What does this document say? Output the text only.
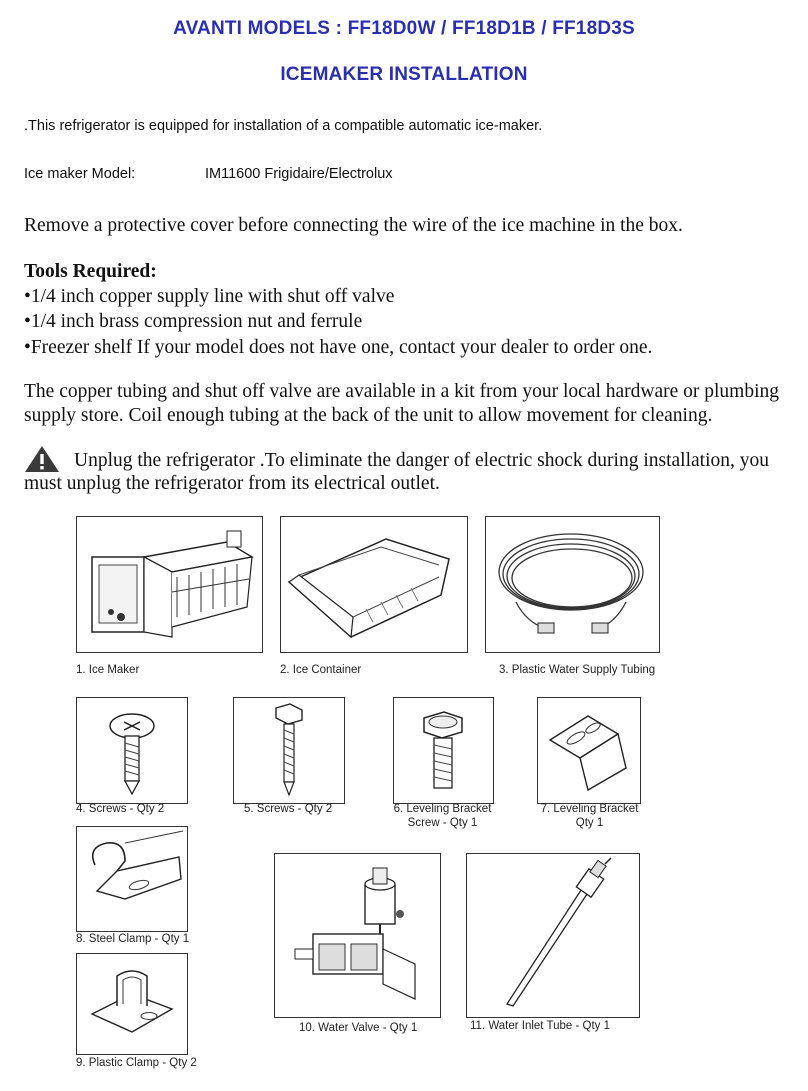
AVANTI MODELS : FF18D0W / FF18D1B / FF18D3S
ICEMAKER INSTALLATION
.This refrigerator is equipped for installation of a compatible automatic ice-maker.
Ice maker Model:	IM11600 Frigidaire/Electrolux
Remove a protective cover before connecting the wire of the ice machine in the box.
Tools Required:
•1/4 inch copper supply line with shut off valve
•1/4 inch brass compression nut and ferrule
•Freezer shelf If your model does not have one, contact your dealer to order one.
The copper tubing and shut off valve are available in a kit from your local hardware or plumbing
supply store. Coil enough tubing at the back of the unit to allow movement for cleaning.
Unplug the refrigerator .To eliminate the danger of electric shock during installation, you
must unplug the refrigerator from its electrical outlet.
1. Ice Maker	2. Ice Container	3. Plastic Water Supply Tubing
4. Screws - Qty 2	5. Screws - Qty 2	6. Leveling Bracket
Screw - Qty 1
7. Leveling Bracket
Qty 1
8. Steel Clamp - Qty 1
9. Plastic Clamp - Qty 2
10. Water Valve - Qty 1	11. Water Inlet Tube - Qty 1
